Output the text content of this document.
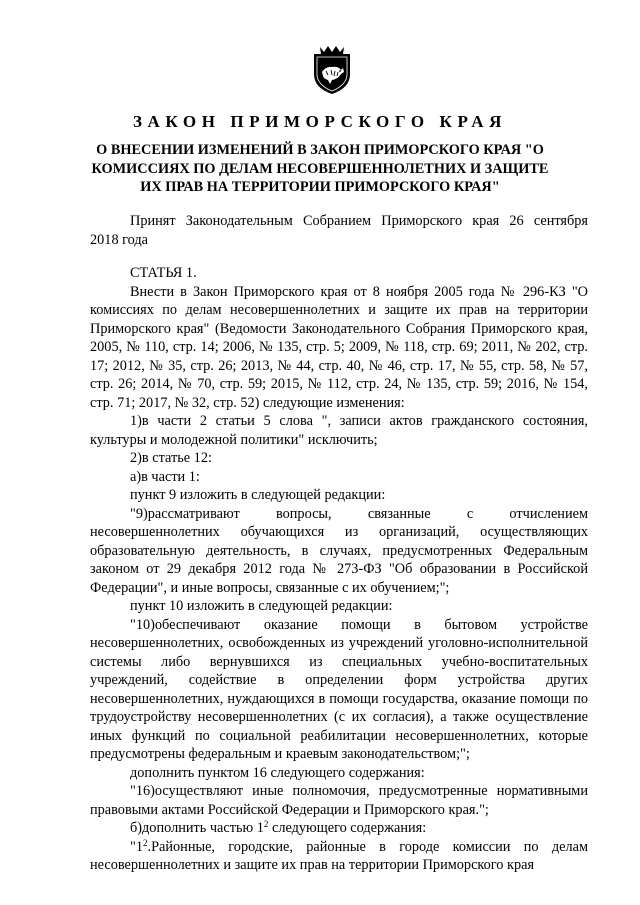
ЗАКОН ПРИМОРСКОГО КРАЯ
О ВНЕСЕНИИ ИЗМЕНЕНИЙ В ЗАКОН ПРИМОРСКОГО КРАЯ "О КОМИССИЯХ ПО ДЕЛАМ НЕСОВЕРШЕННОЛЕТНИХ И ЗАЩИТЕ ИХ ПРАВ НА ТЕРРИТОРИИ ПРИМОРСКОГО КРАЯ"
Принят Законодательным Собранием Приморского края 26 сентября
2018 года

СТАТЬЯ 1.

Внести в Закон Приморского края от 8 ноября 2005 года № 296-КЗ "О комиссиях по делам несовершеннолетних и защите их прав на территории Приморского края" (Ведомости Законодательного Собрания Приморского края, 2005, № 110, стр. 14; 2006, № 135, стр. 5; 2009, № 118, стр. 69; 2011, № 202, стр. 17; 2012, № 35, стр. 26; 2013, № 44, стр. 40, № 46, стр. 17, № 55, стр. 58, № 57, стр. 26; 2014, № 70, стр. 59; 2015, № 112, стр. 24, № 135, стр. 59; 2016, № 154, стр. 71; 2017, № 32, стр. 52) следующие изменения:

1)в части 2 статьи 5 слова ", записи актов гражданского состояния, культуры и молодежной политики" исключить;

2)в статье 12:

а)в части 1:

пункт 9 изложить в следующей редакции:

"9)рассматривают вопросы, связанные с отчислением несовершеннолетних обучающихся из организаций, осуществляющих образовательную деятельность, в случаях, предусмотренных Федеральным законом от 29 декабря 2012 года № 273-ФЗ "Об образовании в Российской Федерации", и иные вопросы, связанные с их обучением;";

пункт 10 изложить в следующей редакции:

"10)обеспечивают оказание помощи в бытовом устройстве несовершеннолетних, освобожденных из учреждений уголовно-исполнительной системы либо вернувшихся из специальных учебно-воспитательных учреждений, содействие в определении форм устройства других несовершеннолетних, нуждающихся в помощи государства, оказание помощи по трудоустройству несовершеннолетних (с их согласия), а также осуществление иных функций по социальной реабилитации несовершеннолетних, которые предусмотрены федеральным и краевым законодательством;";

дополнить пунктом 16 следующего содержания:

"16)осуществляют иные полномочия, предусмотренные нормативными правовыми актами Российской Федерации и Приморского края.";

б)дополнить частью $1^2$ следующего содержания:

"$1^2.Районные$, городские, районные в городе комиссии по делам несовершеннолетних и защите их прав на территории Приморского края
